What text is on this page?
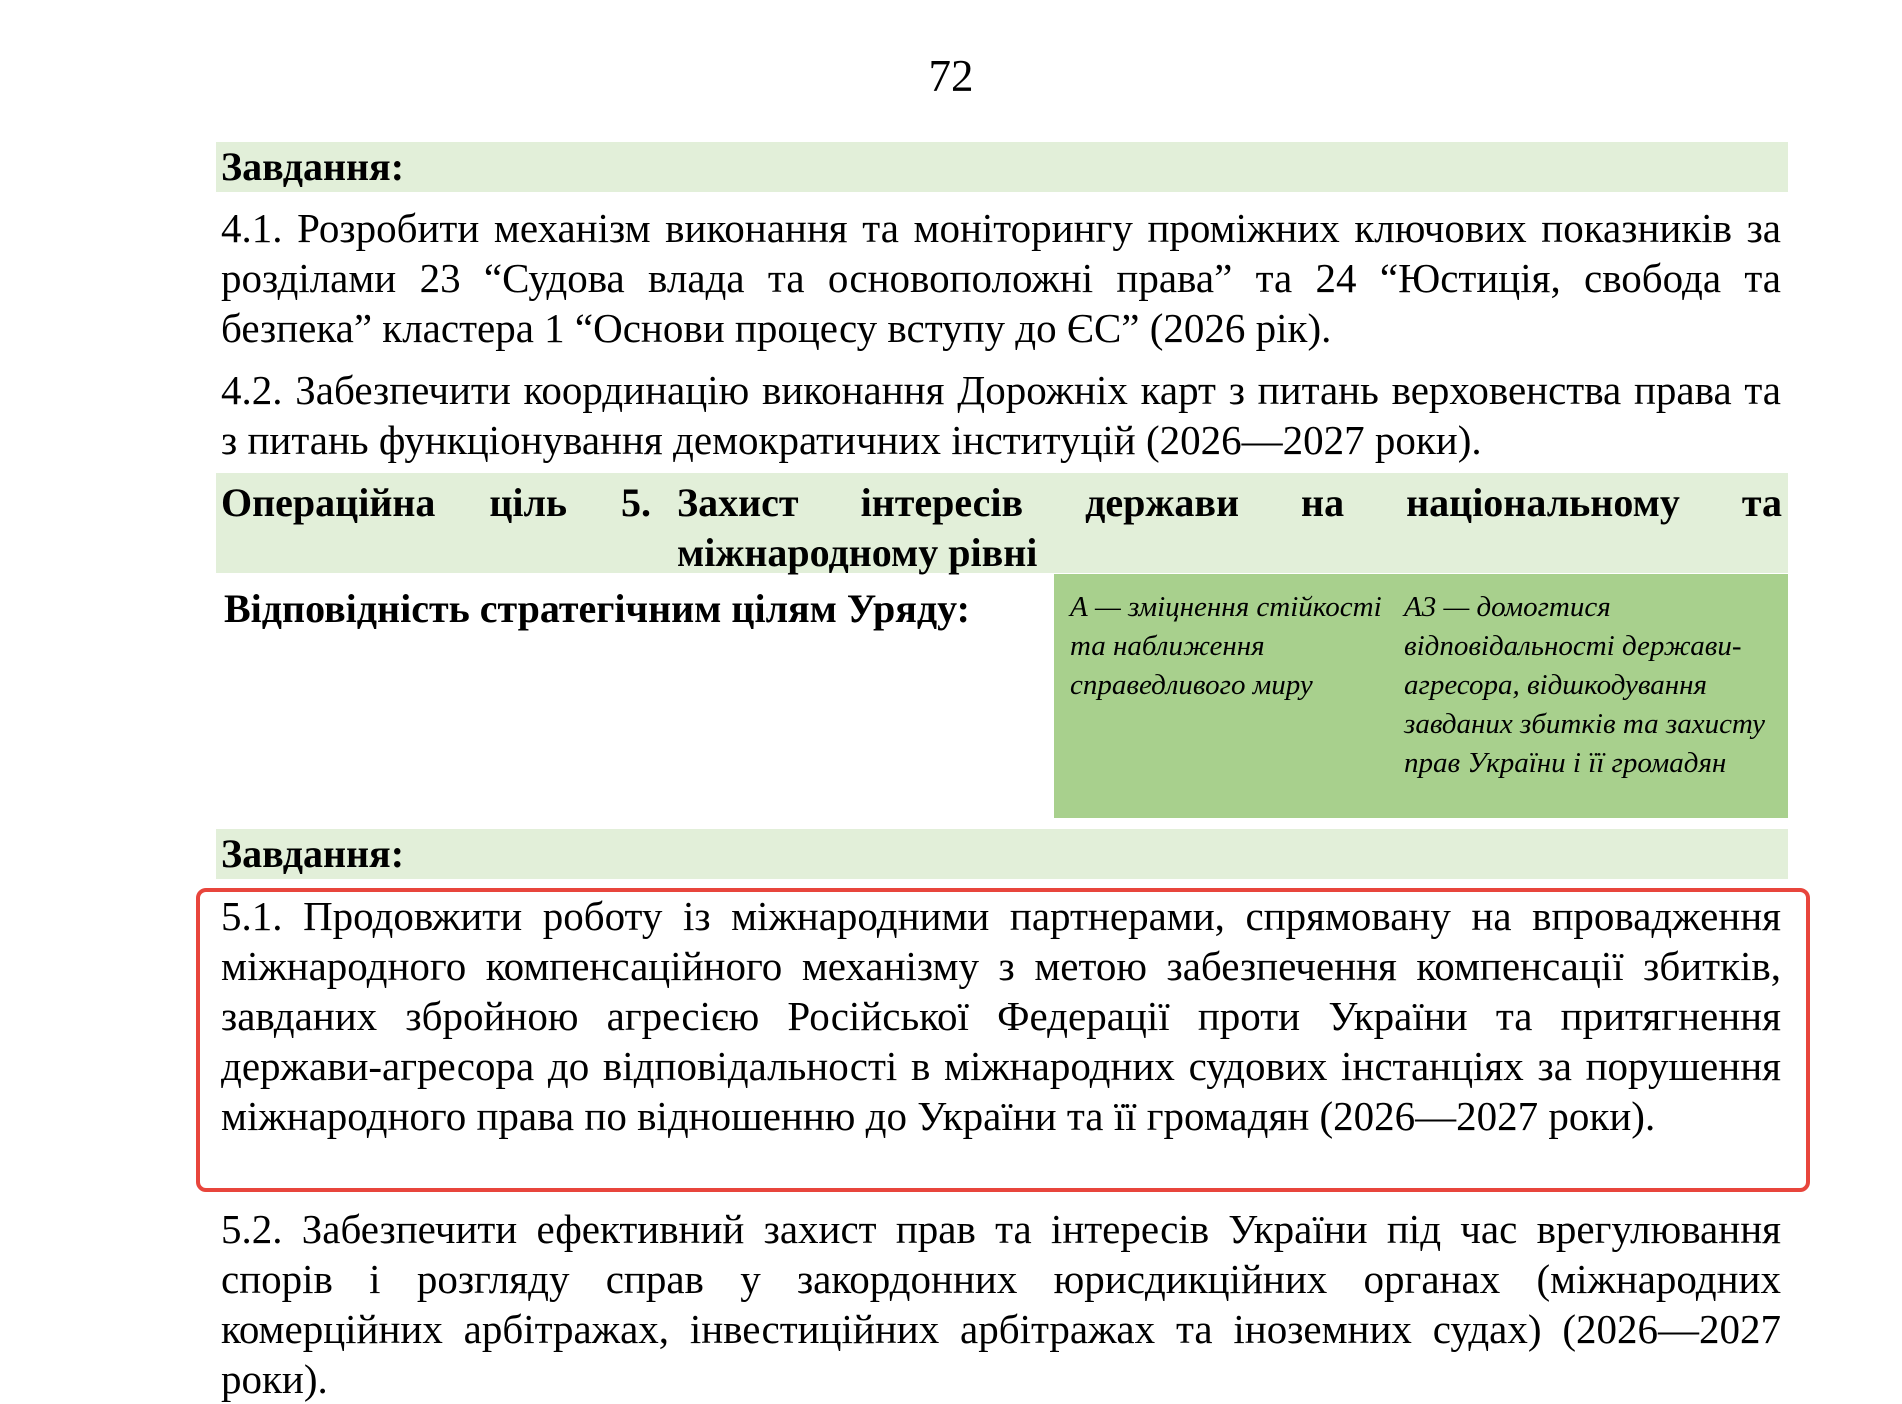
72
Завдання:
4.1. Розробити механізм виконання та моніторингу проміжних ключових показників за розділами 23 “Судова влада та основоположні права” та 24 “Юстиція, свобода та безпека” кластера 1 “Основи процесу вступу до ЄС” (2026 рік).
4.2. Забезпечити координацію виконання Дорожніх карт з питань верховенства права та з питань функціонування демократичних інституцій (2026—2027 роки).
Операційна ціль 5. Захист інтересів держави на національному та міжнародному рівні
Відповідність стратегічним цілям Уряду:	А — зміцнення стійкості та наближення справедливого миру
А3 — домогтися відповідальності держави-агресора, відшкодування завданих збитків та захисту прав України і її громадян
Завдання:
5.1. Продовжити роботу із міжнародними партнерами, спрямовану на впровадження міжнародного компенсаційного механізму з метою забезпечення компенсації збитків, завданих збройною агресією Російської Федерації проти України та притягнення держави-агресора до відповідальності в міжнародних судових інстанціях за порушення міжнародного права по відношенню до України та її громадян (2026—2027 роки).
5.2. Забезпечити ефективний захист прав та інтересів України під час врегулювання спорів і розгляду справ у закордонних юрисдикційних органах (міжнародних комерційних арбітражах, інвестиційних арбітражах та іноземних судах) (2026—2027 роки).
